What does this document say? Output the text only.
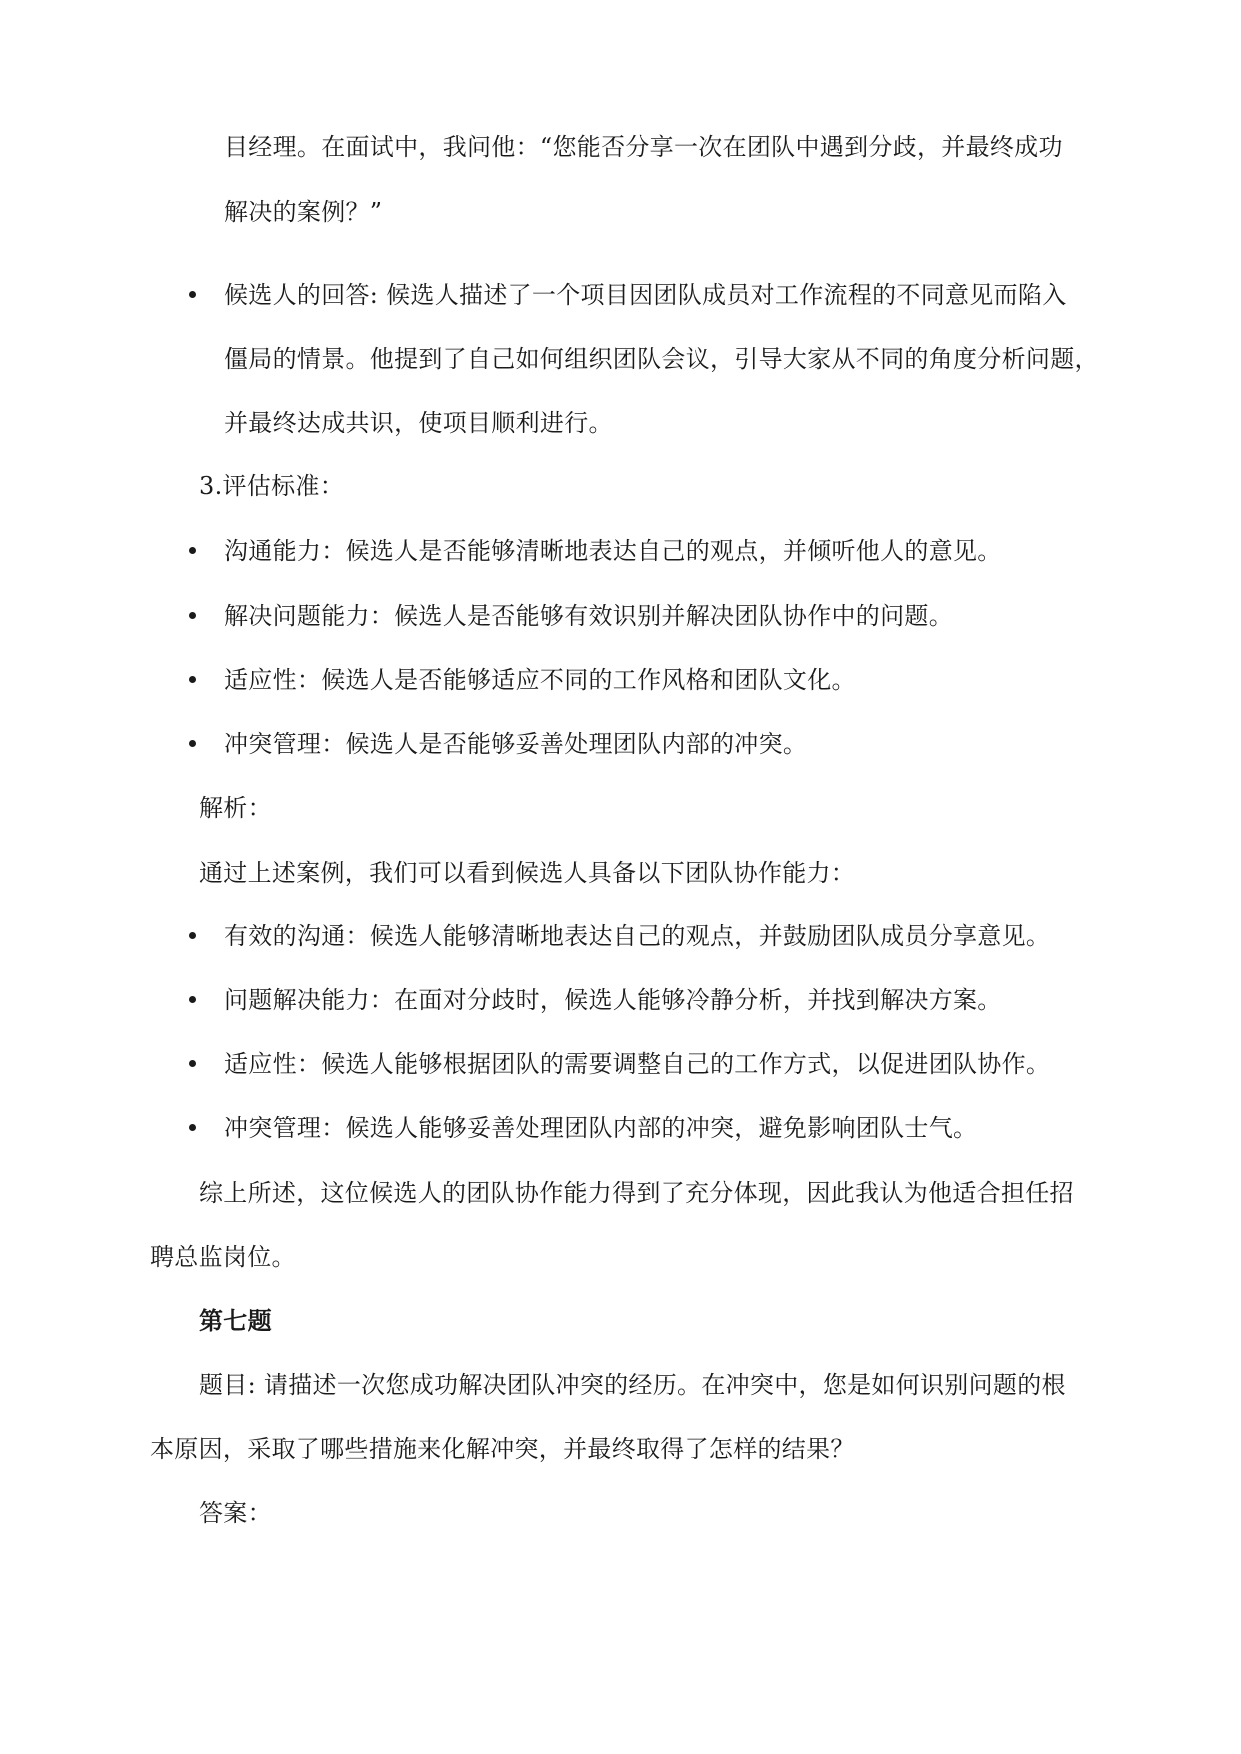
目经理。在面试中，我问他：“您能否分享一次在团队中遇到分歧，并最终成功
解决的案例？”
候选人的回答: 候选人描述了一个项目因团队成员对工作流程的不同意见而陷入
僵局的情景。他提到了自己如何组织团队会议，引导大家从不同的角度分析问题，
并最终达成共识，使项目顺利进行。
3.评估标准：
沟通能力：候选人是否能够清晰地表达自己的观点，并倾听他人的意见。
解决问题能力：候选人是否能够有效识别并解决团队协作中的问题。
适应性：候选人是否能够适应不同的工作风格和团队文化。
冲突管理：候选人是否能够妥善处理团队内部的冲突。
解析：
通过上述案例，我们可以看到候选人具备以下团队协作能力：
有效的沟通：候选人能够清晰地表达自己的观点，并鼓励团队成员分享意见。
问题解决能力：在面对分歧时，候选人能够冷静分析，并找到解决方案。
适应性：候选人能够根据团队的需要调整自己的工作方式，以促进团队协作。
冲突管理：候选人能够妥善处理团队内部的冲突，避免影响团队士气。
综上所述，这位候选人的团队协作能力得到了充分体现，因此我认为他适合担任招
聘总监岗位。
第七题
题目: 请描述一次您成功解决团队冲突的经历。在冲突中，您是如何识别问题的根
本原因，采取了哪些措施来化解冲突，并最终取得了怎样的结果？
答案：
